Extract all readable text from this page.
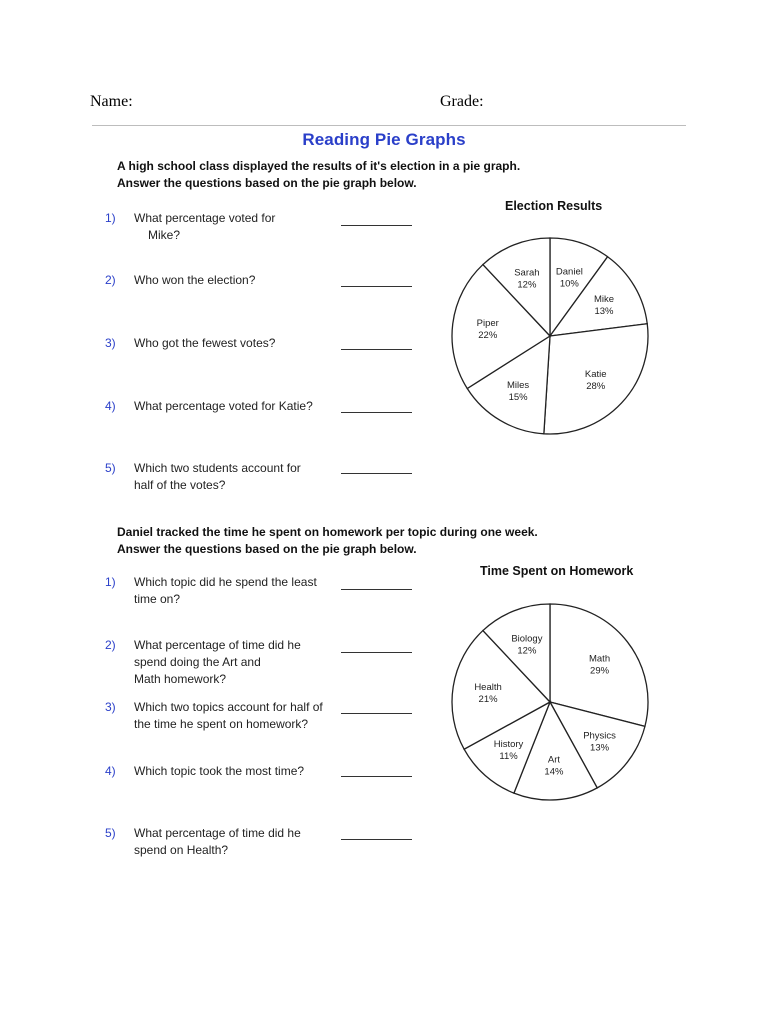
Name:	Grade:
Reading Pie Graphs
A high school class displayed the results of it's election in a pie graph.
Answer the questions based on the pie graph below.
1) What percentage voted for
Mike?
2) Who won the election?
3) Who got the fewest votes?
4) What percentage voted for Katie?
5) Which two students account for
half of the votes?
Election Results
Daniel
10%
Mike
13%
Katie
28%
Miles
15%
Piper
22%
Sarah
12%
Daniel tracked the time he spent on homework per topic during one week.
Answer the questions based on the pie graph below.
1) Which topic did he spend the least
time on?
2) What percentage of time did he
spend doing the Art and
Math homework?
3) Which two topics account for half of
the time he spent on homework?
4) Which topic took the most time?
5) What percentage of time did he
spend on Health?
Time Spent on Homework
Math
29%
Physics
13%
Art
14%
History
11%
Health
21%
Biology
12%
